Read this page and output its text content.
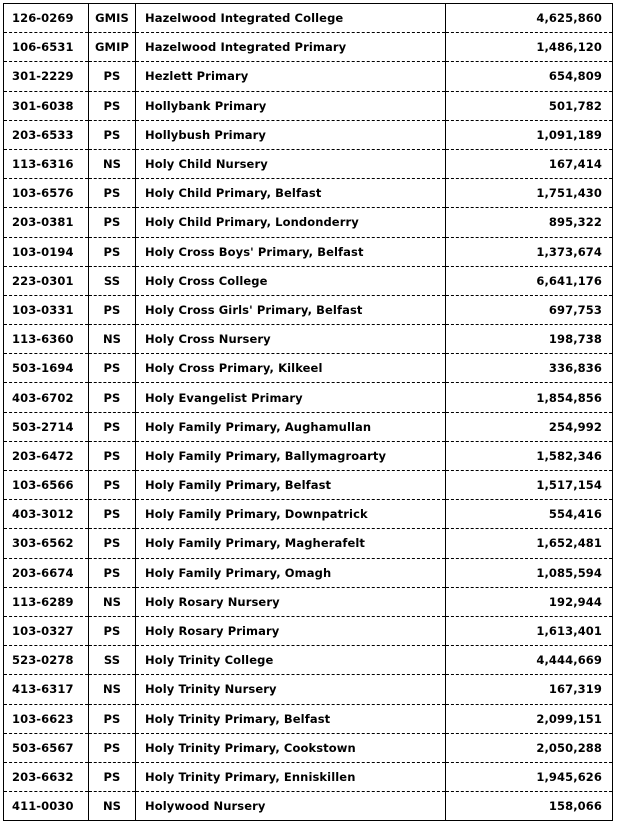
126-0269	GMIS	Hazelwood Integrated College	4,625,860
106-6531	GMIP	Hazelwood Integrated Primary	1,486,120
301-2229	PS	Hezlett Primary	654,809
301-6038	PS	Hollybank Primary	501,782
203-6533	PS	Hollybush Primary	1,091,189
113-6316	NS	Holy Child Nursery	167,414
103-6576	PS	Holy Child Primary, Belfast	1,751,430
203-0381	PS	Holy Child Primary, Londonderry	895,322
103-0194	PS	Holy Cross Boys' Primary, Belfast	1,373,674
223-0301	SS	Holy Cross College	6,641,176
103-0331	PS	Holy Cross Girls' Primary, Belfast	697,753
113-6360	NS	Holy Cross Nursery	198,738
503-1694	PS	Holy Cross Primary, Kilkeel	336,836
403-6702	PS	Holy Evangelist Primary	1,854,856
503-2714	PS	Holy Family Primary, Aughamullan	254,992
203-6472	PS	Holy Family Primary, Ballymagroarty	1,582,346
103-6566	PS	Holy Family Primary, Belfast	1,517,154
403-3012	PS	Holy Family Primary, Downpatrick	554,416
303-6562	PS	Holy Family Primary, Magherafelt	1,652,481
203-6674	PS	Holy Family Primary, Omagh	1,085,594
113-6289	NS	Holy Rosary Nursery	192,944
103-0327	PS	Holy Rosary Primary	1,613,401
523-0278	SS	Holy Trinity College	4,444,669
413-6317	NS	Holy Trinity Nursery	167,319
103-6623	PS	Holy Trinity Primary, Belfast	2,099,151
503-6567	PS	Holy Trinity Primary, Cookstown	2,050,288
203-6632	PS	Holy Trinity Primary, Enniskillen	1,945,626
411-0030	NS	Holywood Nursery	158,066
